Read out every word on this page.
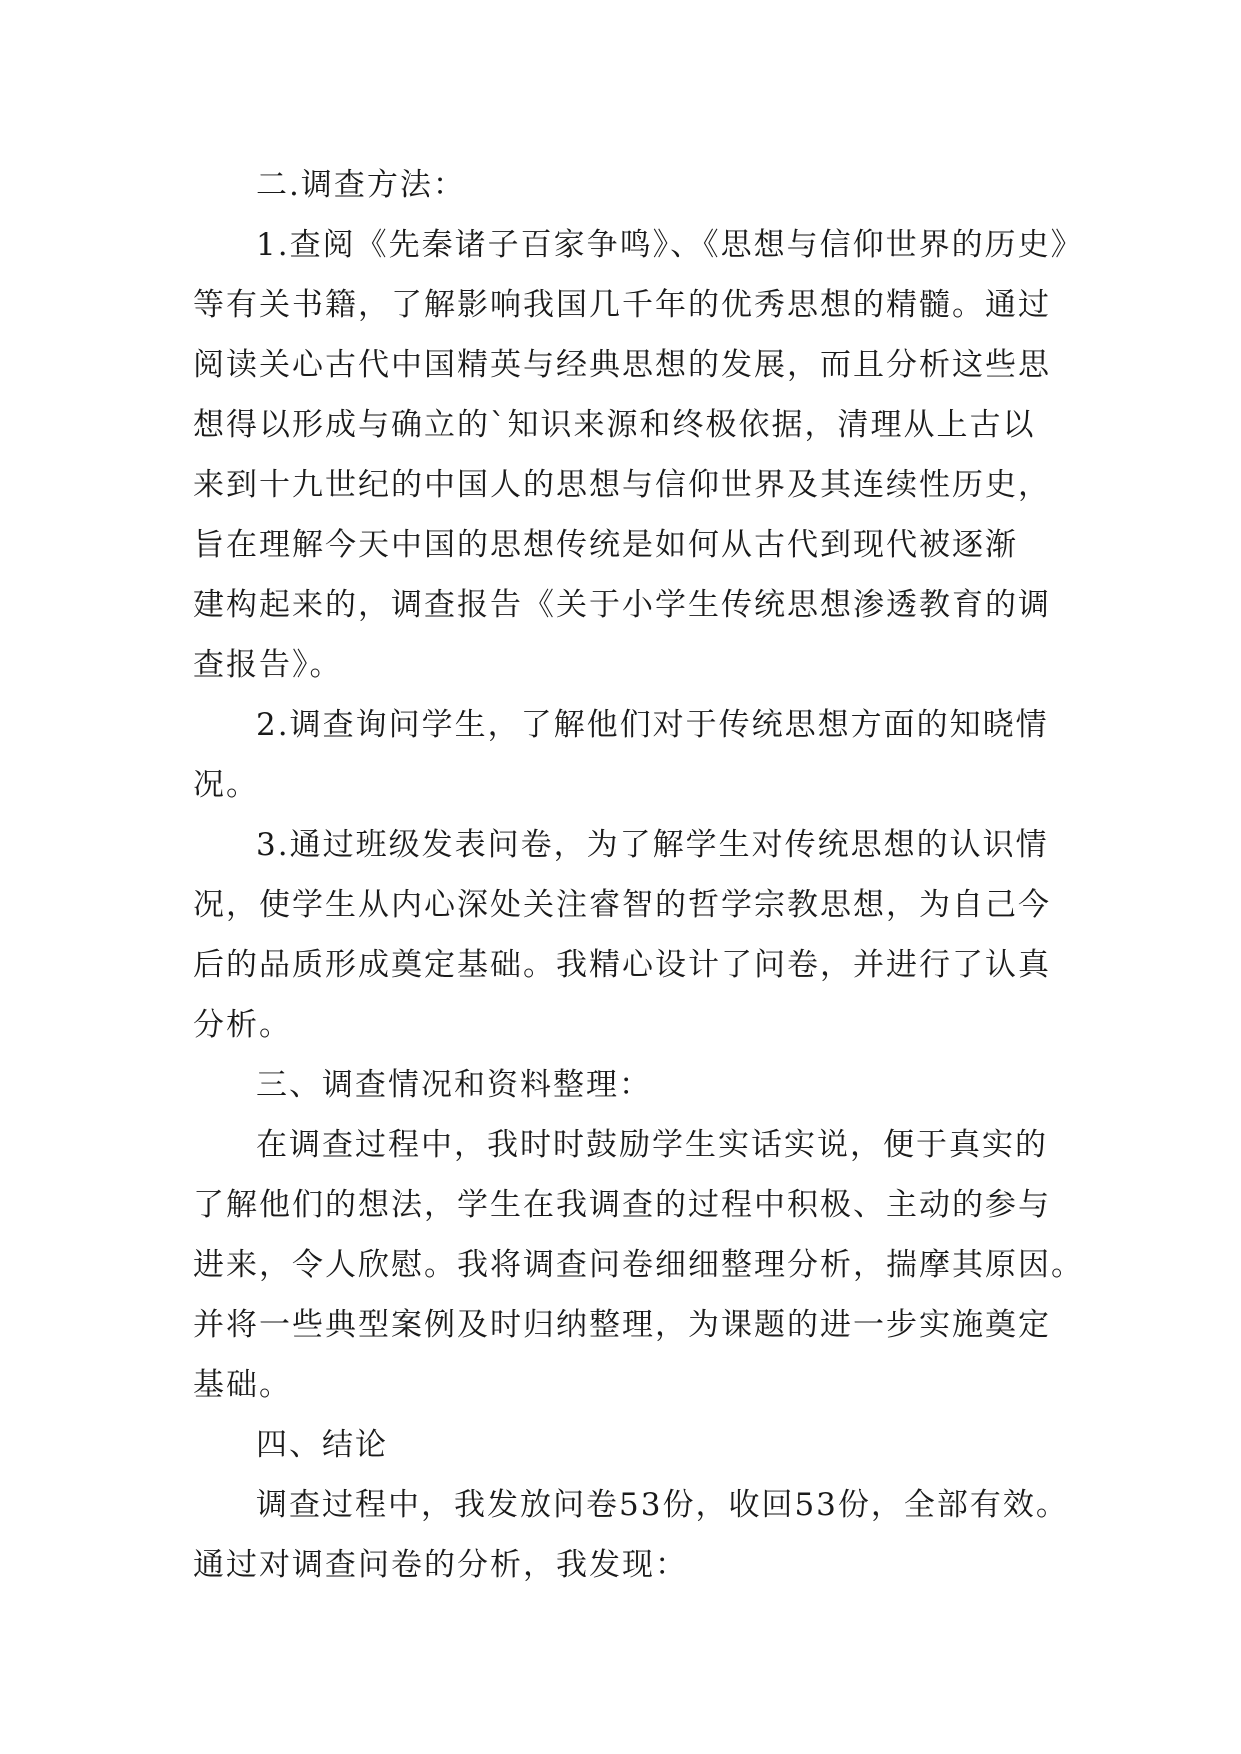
二.调查方法：
1.查阅《先秦诸子百家争鸣》、《思想与信仰世界的历史》
等有关书籍，了解影响我国几千年的优秀思想的精髓。通过
阅读关心古代中国精英与经典思想的发展，而且分析这些思
想得以形成与确立的`知识来源和终极依据，清理从上古以
来到十九世纪的中国人的思想与信仰世界及其连续性历史，
旨在理解今天中国的思想传统是如何从古代到现代被逐渐
建构起来的，调查报告《关于小学生传统思想渗透教育的调
查报告》。
2.调查询问学生，了解他们对于传统思想方面的知晓情
况。
3.通过班级发表问卷，为了解学生对传统思想的认识情
况，使学生从内心深处关注睿智的哲学宗教思想，为自己今
后的品质形成奠定基础。我精心设计了问卷，并进行了认真
分析。
三、调查情况和资料整理：
在调查过程中，我时时鼓励学生实话实说，便于真实的
了解他们的想法，学生在我调查的过程中积极、主动的参与
进来，令人欣慰。我将调查问卷细细整理分析，揣摩其原因。
并将一些典型案例及时归纳整理，为课题的进一步实施奠定
基础。
四、结论
调查过程中，我发放问卷53份，收回53份，全部有效。
通过对调查问卷的分析，我发现：
